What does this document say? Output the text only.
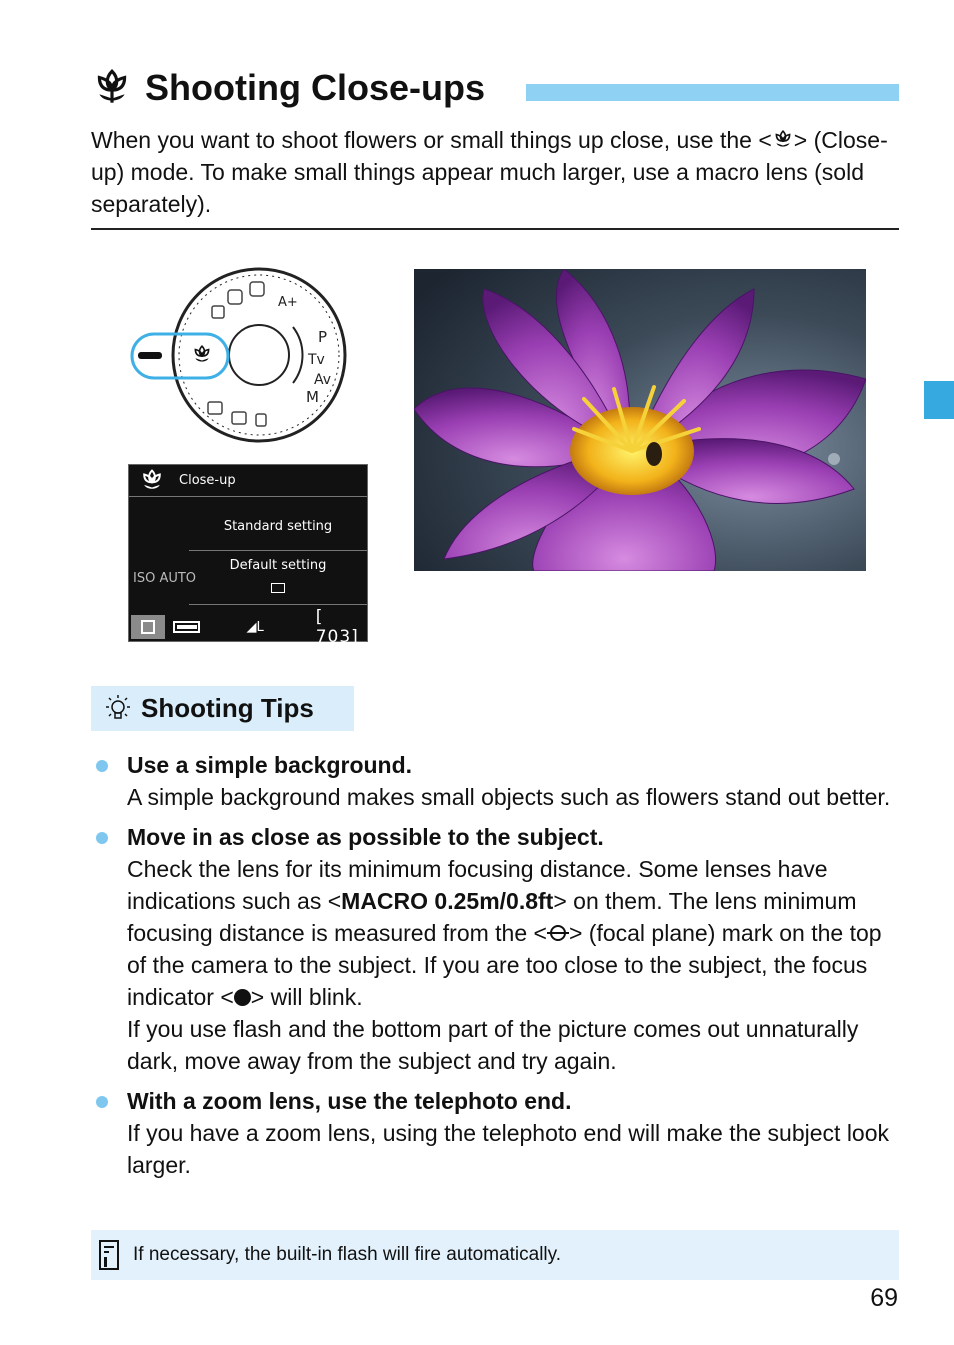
Shooting Close-ups

When you want to shoot flowers or small things up close, use the < > (Close-up) mode. To make small things appear much larger, use a macro lens (sold separately).

P
Tv
Av
M
A+
Close-up
Standard setting
Default setting
ISO AUTO
◢L	[ 703]
Shooting Tips
Use a simple background.
A simple background makes small objects such as flowers stand out better.
Move in as close as possible to the subject.
Check the lens for its minimum focusing distance. Some lenses have indications such as <MACRO 0.25m/0.8ft> on them. The lens minimum focusing distance is measured from the < > (focal plane) mark on the top of the camera to the subject. If you are too close to the subject, the focus indicator < > will blink.
If you use flash and the bottom part of the picture comes out unnaturally dark, move away from the subject and try again.
With a zoom lens, use the telephoto end.
If you have a zoom lens, using the telephoto end will make the subject look larger.
If necessary, the built-in flash will fire automatically.
69
